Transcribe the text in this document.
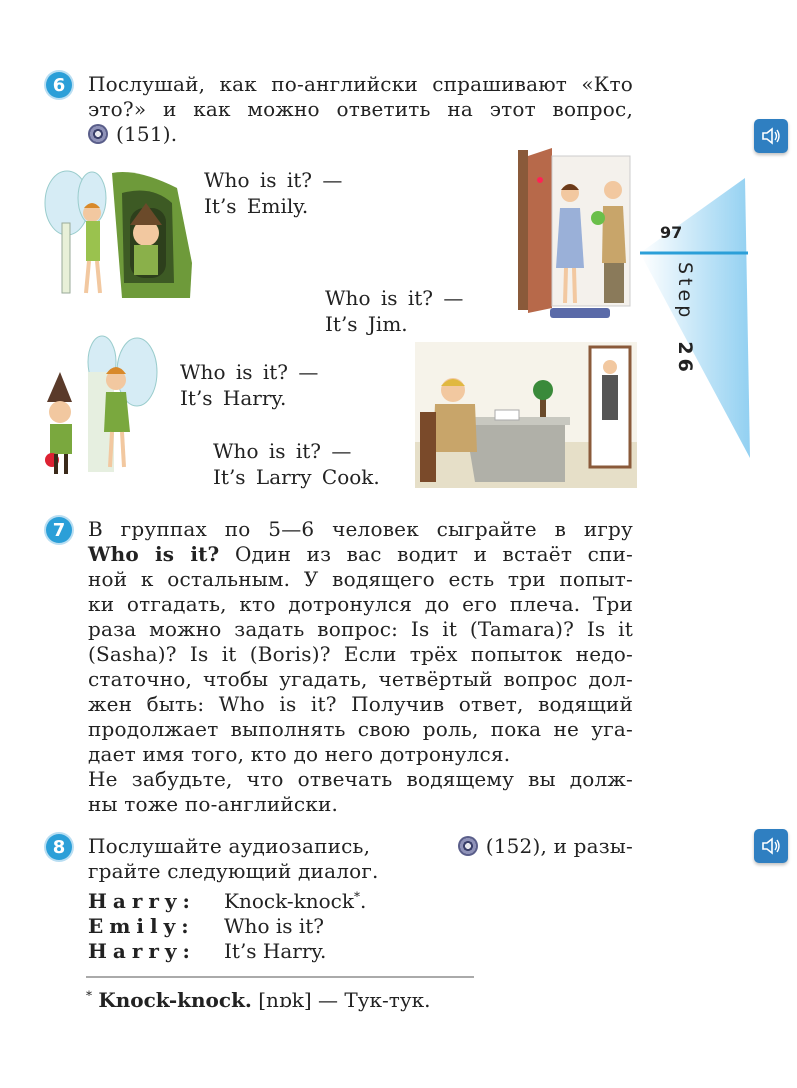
97
Step  26
6	Послушай, как по-английски спрашивают «Кто
это?» и как можно ответить на этот вопрос,
(151).
Who is it? —
It’s Emily.
Who is it? —
It’s Jim.
Who is it? —
It’s Harry.
Who is it? —
It’s Larry Cook.
7	В группах по 5—6 человек сыграйте в игру
Who is it? Один из вас водит и встаёт спи-
ной к остальным. У водящего есть три попыт-
ки отгадать, кто дотронулся до его плеча. Три
раза можно задать вопрос: Is it (Tamara)? Is it
(Sasha)? Is it (Boris)? Если трёх попыток недо-
статочно, чтобы угадать, четвёртый вопрос дол-
жен быть: Who is it? Получив ответ, водящий
продолжает выполнять свою роль, пока не уга-
дает имя того, кто до него дотронулся.
Не забудьте, что отвечать водящему вы долж-
ны тоже по-английски.
8	Послушайте аудиозапись,	(152), и разы-
грайте следующий диалог.
Harry: Knock-knock*.
Emily: Who is it?
Harry: It’s Harry.
* Knock-knock. [nɒk] — Тук-тук.
